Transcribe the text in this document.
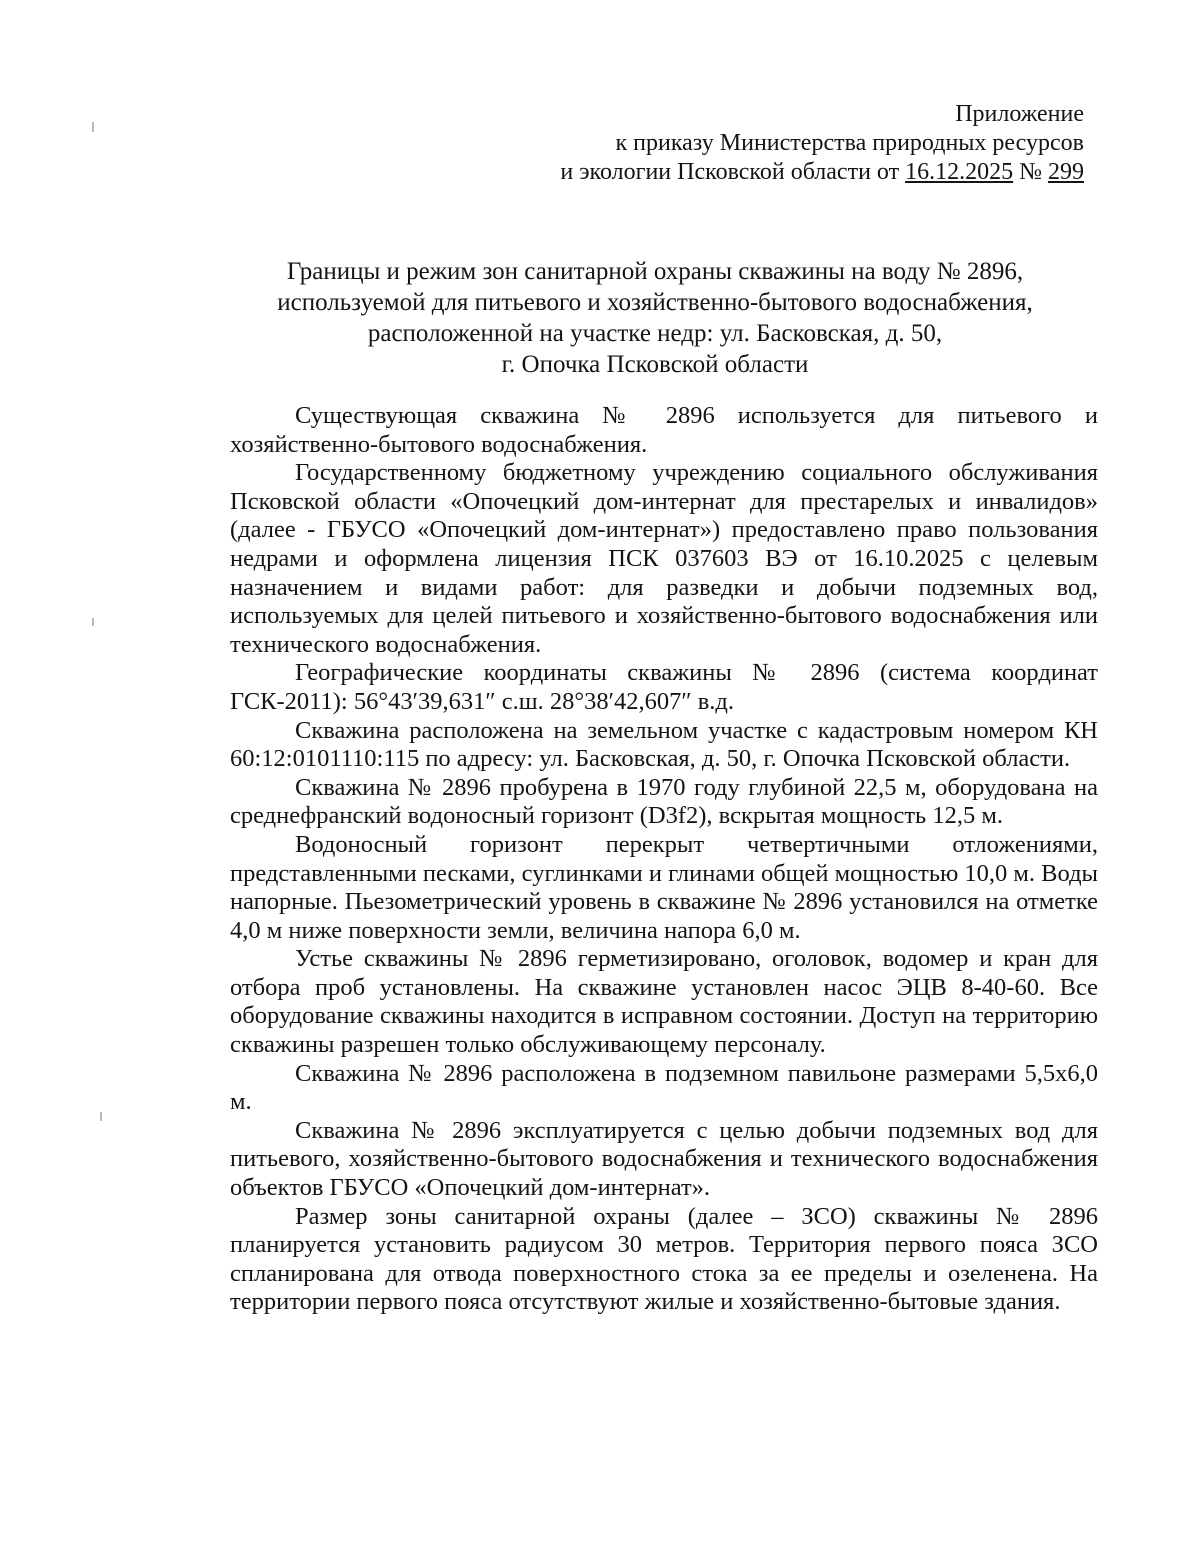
Приложение
к приказу Министерства природных ресурсов
и экологии Псковской области от 16.12.2025 № 299
Границы и режим зон санитарной охраны скважины на воду № 2896,
используемой для питьевого и хозяйственно-бытового водоснабжения,
расположенной на участке недр: ул. Басковская, д. 50,
г. Опочка Псковской области

Существующая скважина № 2896 используется для питьевого и хозяйственно-бытового водоснабжения.

Государственному бюджетному учреждению социального обслуживания Псковской области «Опочецкий дом-интернат для престарелых и инвалидов» (далее - ГБУСО «Опочецкий дом-интернат») предоставлено право пользования недрами и оформлена лицензия ПСК 037603 ВЭ от 16.10.2025 с целевым назначением и видами работ: для разведки и добычи подземных вод, используемых для целей питьевого и хозяйственно-бытового водоснабжения или технического водоснабжения.

Географические координаты скважины № 2896 (система координат ГСК-2011): 56°43′39,631″ с.ш. 28°38′42,607″ в.д.

Скважина расположена на земельном участке с кадастровым номером КН 60:12:0101110:115 по адресу: ул. Басковская, д. 50, г. Опочка Псковской области.

Скважина № 2896 пробурена в 1970 году глубиной 22,5 м, оборудована на среднефранский водоносный горизонт (D3f2), вскрытая мощность 12,5 м.

Водоносный горизонт перекрыт четвертичными отложениями, представленными песками, суглинками и глинами общей мощностью 10,0 м. Воды напорные. Пьезометрический уровень в скважине № 2896 установился на отметке 4,0 м ниже поверхности земли, величина напора 6,0 м.

Устье скважины № 2896 герметизировано, оголовок, водомер и кран для отбора проб установлены. На скважине установлен насос ЭЦВ 8-40-60. Все оборудование скважины находится в исправном состоянии. Доступ на территорию скважины разрешен только обслуживающему персоналу.

Скважина № 2896 расположена в подземном павильоне размерами 5,5х6,0 м.

Скважина № 2896 эксплуатируется с целью добычи подземных вод для питьевого, хозяйственно-бытового водоснабжения и технического водоснабжения объектов ГБУСО «Опочецкий дом-интернат».

Размер зоны санитарной охраны (далее – ЗСО) скважины № 2896 планируется установить радиусом 30 метров. Территория первого пояса ЗСО спланирована для отвода поверхностного стока за ее пределы и озеленена. На территории первого пояса отсутствуют жилые и хозяйственно-бытовые здания.
